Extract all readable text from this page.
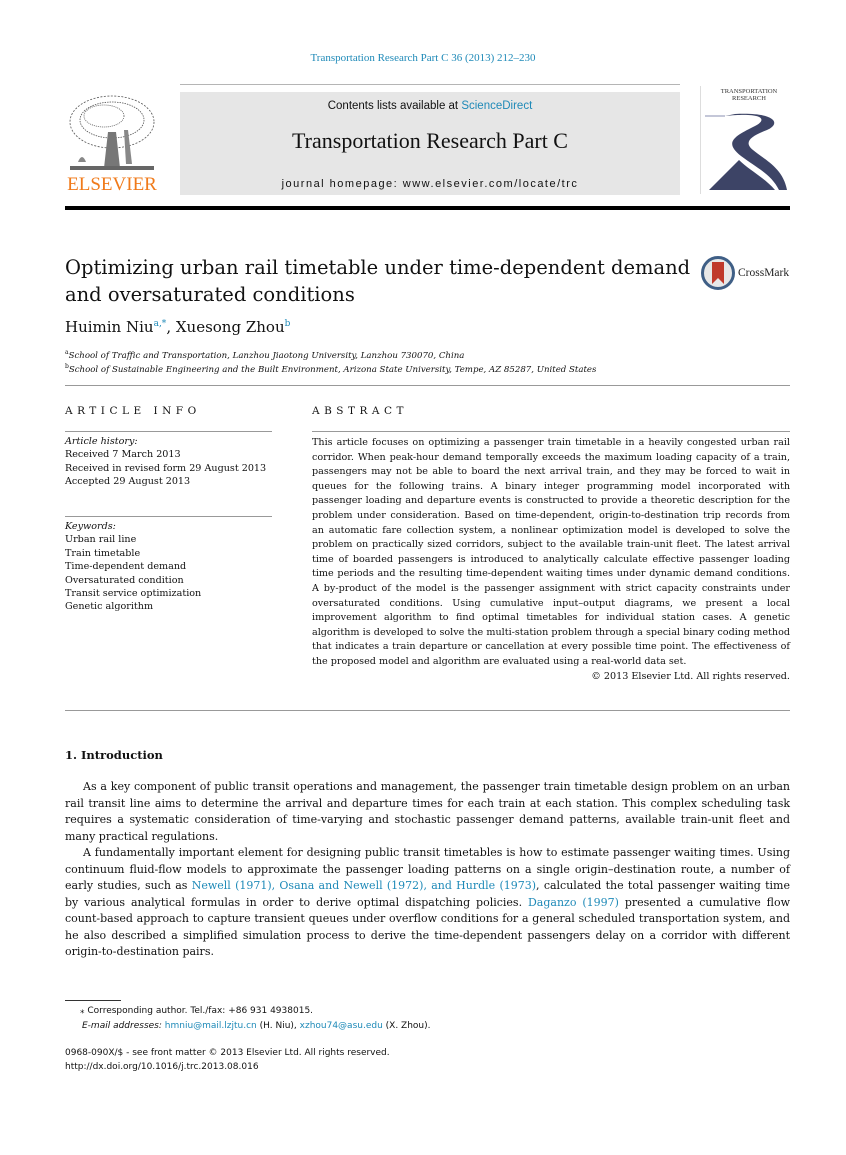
Transportation Research Part C 36 (2013) 212–230
ELSEVIER
Contents lists available at ScienceDirect
Transportation Research Part C
journal homepage: www.elsevier.com/locate/trc
TRANSPORTATION
RESEARCH
Optimizing urban rail timetable under time-dependent demand and oversaturated conditions
CrossMark
Huimin Niu$^{a,*}$, Xuesong Zhou$^b$
$^a$School of Traffic and Transportation, Lanzhou Jiaotong University, Lanzhou 730070, China
$^b$School of Sustainable Engineering and the Built Environment, Arizona State University, Tempe, AZ 85287, United States
ARTICLE INFO
Article history:
Received 7 March 2013
Received in revised form 29 August 2013
Accepted 29 August 2013
Keywords:
Urban rail line
Train timetable
Time-dependent demand
Oversaturated condition
Transit service optimization
Genetic algorithm
ABSTRACT
This article focuses on optimizing a passenger train timetable in a heavily congested urban rail corridor. When peak-hour demand temporally exceeds the maximum loading capacity of a train, passengers may not be able to board the next arrival train, and they may be forced to wait in queues for the following trains. A binary integer programming model incorporated with passenger loading and departure events is constructed to provide a theoretic description for the problem under consideration. Based on time-dependent, origin-to-destination trip records from an automatic fare collection system, a nonlinear optimization model is developed to solve the problem on practically sized corridors, subject to the available train-unit fleet. The latest arrival time of boarded passengers is introduced to analytically calculate effective passenger loading time periods and the resulting time-dependent waiting times under dynamic demand conditions. A by-product of the model is the passenger assignment with strict capacity constraints under oversaturated conditions. Using cumulative input–output diagrams, we present a local improvement algorithm to find optimal timetables for individual station cases. A genetic algorithm is developed to solve the multi-station problem through a special binary coding method that indicates a train departure or cancellation at every possible time point. The effectiveness of the proposed model and algorithm are evaluated using a real-world data set.
© 2013 Elsevier Ltd. All rights reserved.
1. Introduction

As a key component of public transit operations and management, the passenger train timetable design problem on an urban rail transit line aims to determine the arrival and departure times for each train at each station. This complex scheduling task requires a systematic consideration of time-varying and stochastic passenger demand patterns, available train-unit fleet and many practical regulations.

A fundamentally important element for designing public transit timetables is how to estimate passenger waiting times. Using continuum fluid-flow models to approximate the passenger loading patterns on a single origin–destination route, a number of early studies, such as Newell (1971), Osana and Newell (1972), and Hurdle (1973), calculated the total passenger waiting time by various analytical formulas in order to derive optimal dispatching policies. Daganzo (1997) presented a cumulative flow count-based approach to capture transient queues under overflow conditions for a general scheduled transportation system, and he also described a simplified simulation process to derive the time-dependent passengers delay on a corridor with different origin-to-destination pairs.

⁎ Corresponding author. Tel./fax: +86 931 4938015.
E-mail addresses: hmniu@mail.lzjtu.cn (H. Niu), xzhou74@asu.edu (X. Zhou).
0968-090X/$ - see front matter © 2013 Elsevier Ltd. All rights reserved.
http://dx.doi.org/10.1016/j.trc.2013.08.016
